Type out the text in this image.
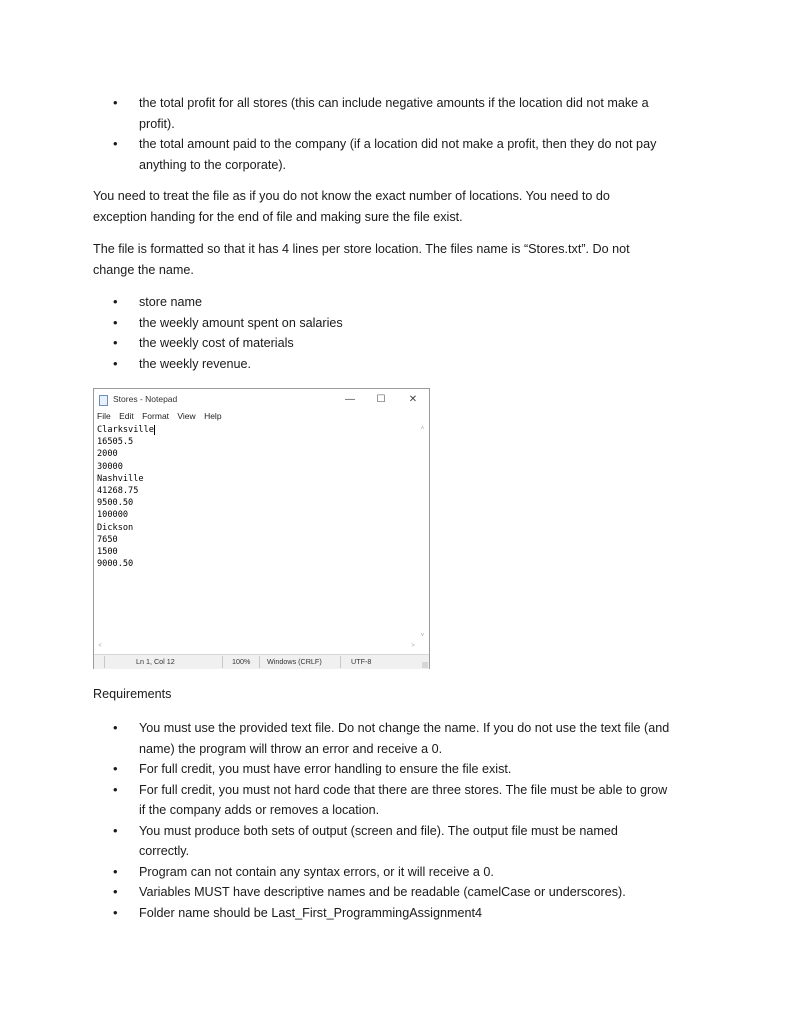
• the total profit for all stores (this can include negative amounts if the location did not make a
profit).
• the total amount paid to the company (if a location did not make a profit, then they do not pay
anything to the corporate).

You need to treat the file as if you do not know the exact number of locations. You need to do
exception handing for the end of file and making sure the file exist.

The file is formatted so that it has 4 lines per store location. The files name is “Stores.txt”. Do not
change the name.

• store name
• the weekly amount spent on salaries
• the weekly cost of materials
• the weekly revenue.
Stores - Notepad	—	☐	✕
File Edit Format View Help
Clarksville
16505.5
2000
30000
Nashville
41268.75
9500.50
100000
Dickson
7650
1500
9000.50
˄
˅
˂	˃
Ln 1, Col 12	100% Windows (CRLF)	UTF-8

Requirements

• You must use the provided text file. Do not change the name. If you do not use the text file (and
name) the program will throw an error and receive a 0.
• For full credit, you must have error handling to ensure the file exist.
• For full credit, you must not hard code that there are three stores. The file must be able to grow
if the company adds or removes a location.
• You must produce both sets of output (screen and file). The output file must be named
correctly.
• Program can not contain any syntax errors, or it will receive a 0.
• Variables MUST have descriptive names and be readable (camelCase or underscores).
• Folder name should be Last_First_ProgrammingAssignment4
